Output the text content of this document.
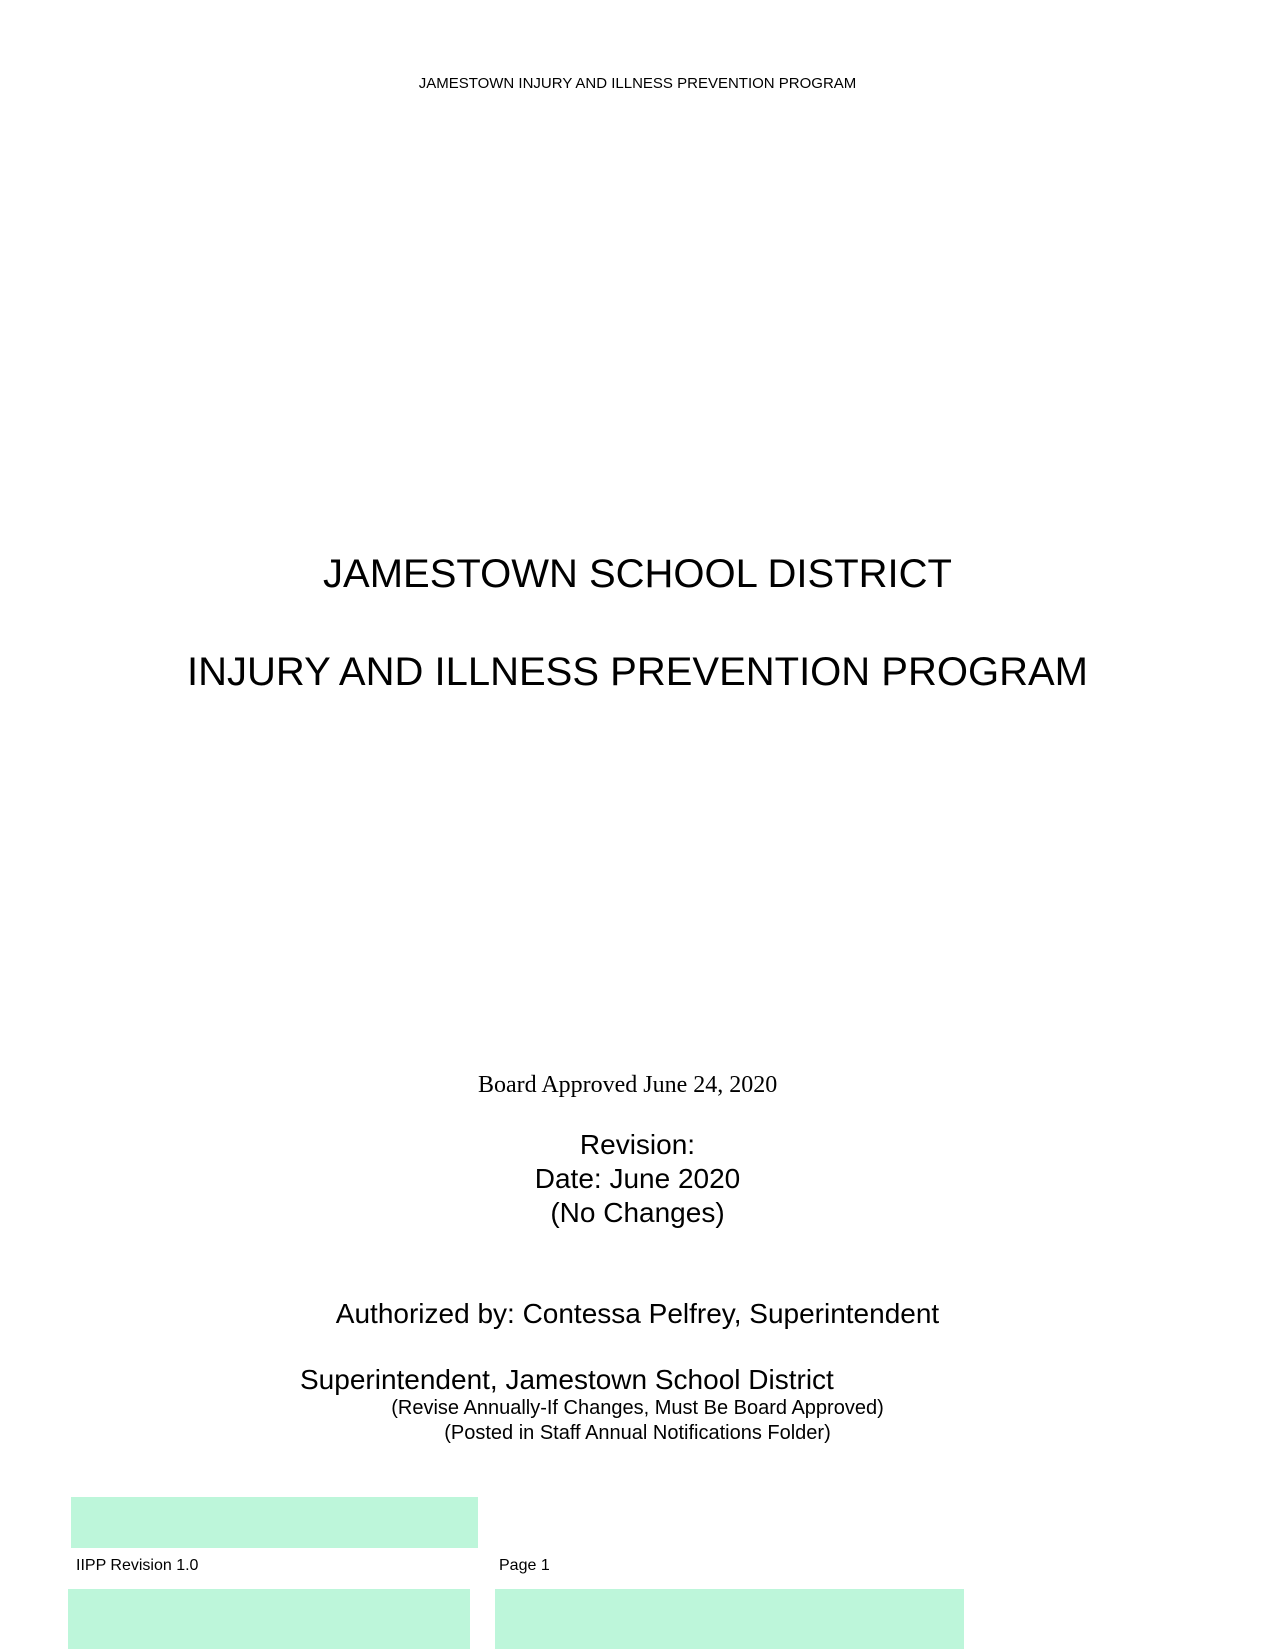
JAMESTOWN INJURY AND ILLNESS PREVENTION PROGRAM
JAMESTOWN SCHOOL DISTRICT
INJURY AND ILLNESS PREVENTION PROGRAM
Board Approved June 24, 2020
Revision:
Date: June 2020
(No Changes)
Authorized by: Contessa Pelfrey, Superintendent
Superintendent, Jamestown School District
(Revise Annually-If Changes, Must Be Board Approved)
(Posted in Staff Annual Notifications Folder)
IIPP Revision 1.0	Page 1
